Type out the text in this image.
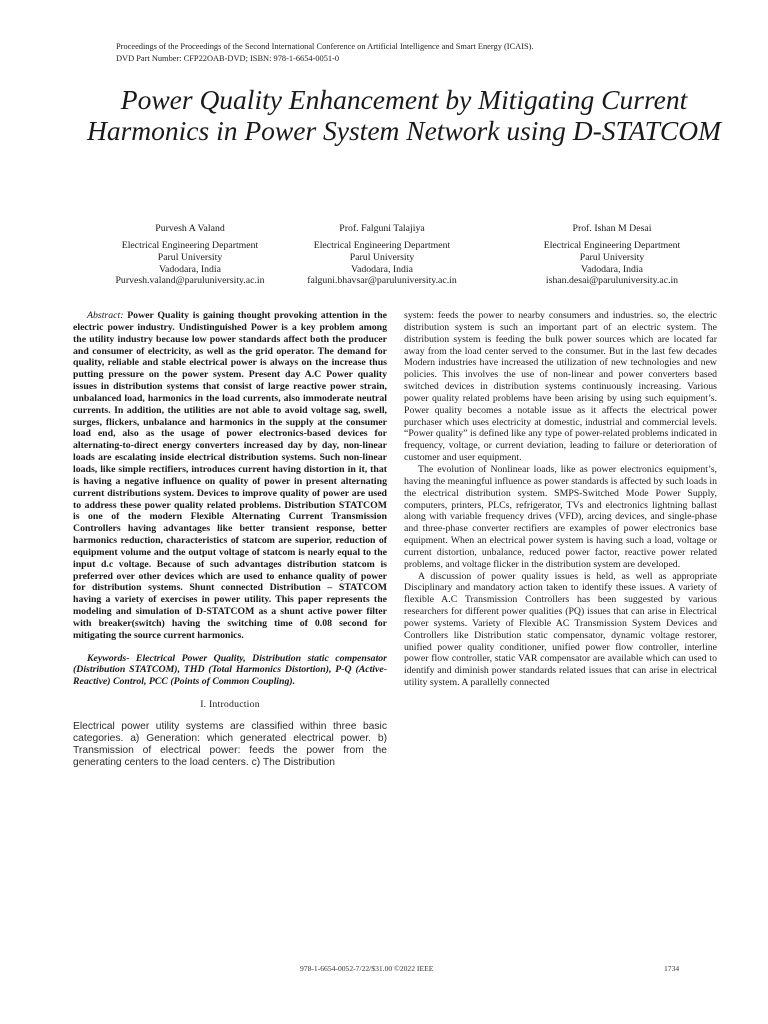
Proceedings of the Proceedings of the Second International Conference on Artificial Intelligence and Smart Energy (ICAIS).
DVD Part Number: CFP22OAB-DVD; ISBN: 978-1-6654-0051-0
Power Quality Enhancement by Mitigating Current Harmonics in Power System Network using D-STATCOM
Purvesh A Valand
Electrical Engineering Department
Parul University
Vadodara, India
Purvesh.valand@paruluniversity.ac.in
Prof. Falguni Talajiya
Electrical Engineering Department
Parul University
Vadodara, India
falguni.bhavsar@paruluniversity.ac.in
Prof. Ishan M Desai
Electrical Engineering Department
Parul University
Vadodara, India
ishan.desai@paruluniversity.ac.in

Abstract: Power Quality is gaining thought provoking attention in the electric power industry. Undistinguished Power is a key problem among the utility industry because low power standards affect both the producer and consumer of electricity, as well as the grid operator. The demand for quality, reliable and stable electrical power is always on the increase thus putting pressure on the power system. Present day A.C Power quality issues in distribution systems that consist of large reactive power strain, unbalanced load, harmonics in the load currents, also immoderate neutral currents. In addition, the utilities are not able to avoid voltage sag, swell, surges, flickers, unbalance and harmonics in the supply at the consumer load end, also as the usage of power electronics-based devices for alternating-to-direct energy converters increased day by day, non-linear loads are escalating inside electrical distribution systems. Such non-linear loads, like simple rectifiers, introduces current having distortion in it, that is having a negative influence on quality of power in present alternating current distributions system. Devices to improve quality of power are used to address these power quality related problems. Distribution STATCOM is one of the modern Flexible Alternating Current Transmission Controllers having advantages like better transient response, better harmonics reduction, characteristics of statcom are superior, reduction of equipment volume and the output voltage of statcom is nearly equal to the input d.c voltage. Because of such advantages distribution statcom is preferred over other devices which are used to enhance quality of power for distribution systems. Shunt connected Distribution – STATCOM having a variety of exercises in power utility. This paper represents the modeling and simulation of D-STATCOM as a shunt active power filter with breaker(switch) having the switching time of 0.08 second for mitigating the source current harmonics.

Keywords- Electrical Power Quality, Distribution static compensator (Distribution STATCOM), THD (Total Harmonics Distortion), P-Q (Active-Reactive) Control, PCC (Points of Common Coupling).

I. Introduction

Electrical power utility systems are classified within three basic categories. a) Generation: which generated electrical power. b) Transmission of electrical power: feeds the power from the generating centers to the load centers. c) The Distribution

system: feeds the power to nearby consumers and industries. so, the electric distribution system is such an important part of an electric system. The distribution system is feeding the bulk power sources which are located far away from the load center served to the consumer. But in the last few decades Modern industries have increased the utilization of new technologies and new policies. This involves the use of non-linear and power converters based switched devices in distribution systems continuously increasing. Various power quality related problems have been arising by using such equipment’s. Power quality becomes a notable issue as it affects the electrical power purchaser which uses electricity at domestic, industrial and commercial levels. “Power quality” is defined like any type of power-related problems indicated in frequency, voltage, or current deviation, leading to failure or deterioration of customer and user equipment.

The evolution of Nonlinear loads, like as power electronics equipment’s, having the meaningful influence as power standards is affected by such loads in the electrical distribution system. SMPS-Switched Mode Power Supply, computers, printers, PLCs, refrigerator, TVs and electronics lightning ballast along with variable frequency drives (VFD), arcing devices, and single-phase and three-phase converter rectifiers are examples of power electronics base equipment. When an electrical power system is having such a load, voltage or current distortion, unbalance, reduced power factor, reactive power related problems, and voltage flicker in the distribution system are developed.

A discussion of power quality issues is held, as well as appropriate Disciplinary and mandatory action taken to identify these issues. A variety of flexible A.C Transmission Controllers has been suggested by various researchers for different power qualities (PQ) issues that can arise in Electrical power systems. Variety of Flexible AC Transmission System Devices and Controllers like Distribution static compensator, dynamic voltage restorer, unified power quality conditioner, unified power flow controller, interline power flow controller, static VAR compensator are available which can used to identify and diminish power standards related issues that can arise in electrical utility system. A parallelly connected

978-1-6654-0052-7/22/$31.00 ©2022 IEEE	1734
